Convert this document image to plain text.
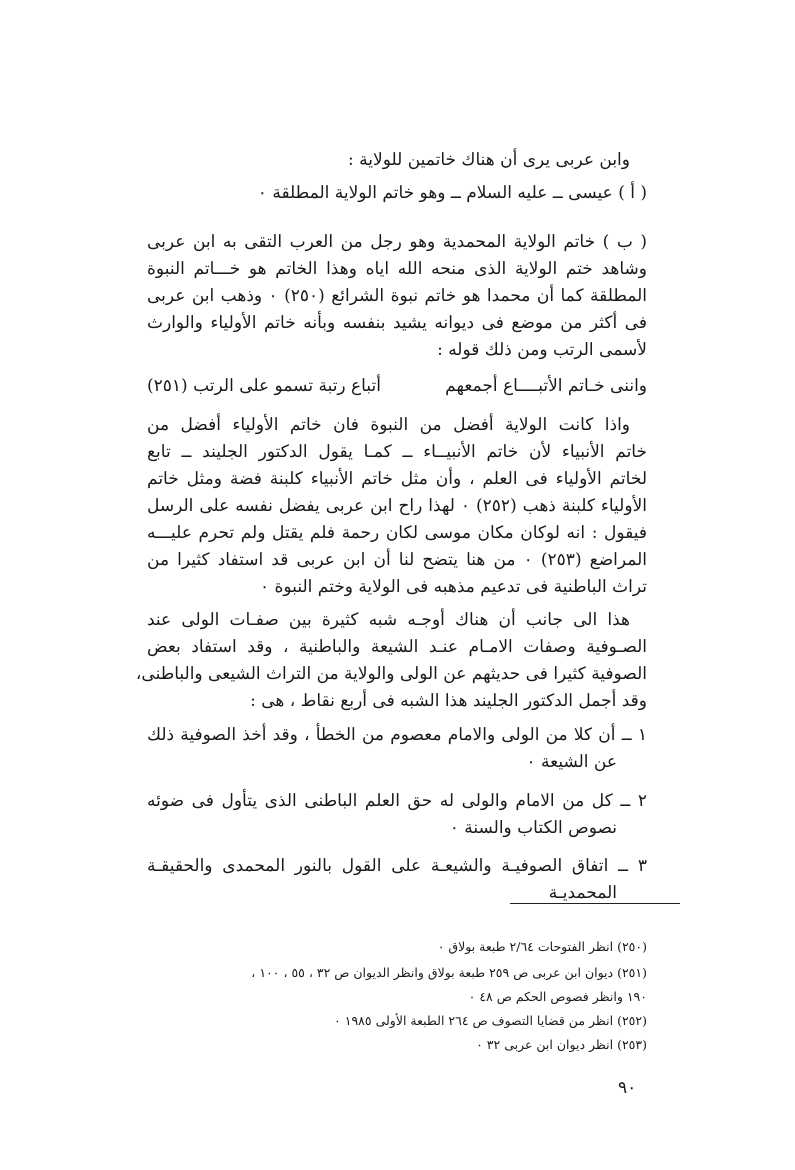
وابن عربى يرى أن هناك خاتمين للولاية :
( أ ) عيسى ــ عليه السلام ــ وهو خاتم الولاية المطلقة ٠
( ب ) خاتم الولاية المحمدية وهو رجل من العرب التقى به ابن عربى
وشاهد ختم الولاية الذى منحه الله اياه وهذا الخاتم هو خـــاتم النبوة
المطلقة كما أن محمدا هو خاتم نبوة الشرائع (٢٥٠) ٠ وذهب ابن عربى
فى أكثر من موضع فى ديوانه يشيد بنفسه وبأنه خاتم الأولياء والوارث
لأسمى الرتب ومن ذلك قوله :
واننى خـاتم الأتبــــاع أجمعهم
أتباع رتبة تسمو على الرتب (٢٥١)
واذا كانت الولاية أفضل من النبوة فان خاتم الأولياء أفضل من
خاتم الأنبياء لأن خاتم الأنبيــاء ــ كمـا يقول الدكتور الجليند ــ تابع
لخاتم الأولياء فى العلم ، وأن مثل خاتم الأنبياء كلبنة فضة ومثل خاتم
الأولياء كلبنة ذهب (٢٥٢) ٠ لهذا راح ابن عربى يفضل نفسه على الرسل
فيقول : انه لوكان مكان موسى لكان رحمة فلم يقتل ولم تحرم عليـــه
المراضع (٢٥٣) ٠ من هنا يتضح لنا أن ابن عربى قد استفاد كثيرا من
تراث الباطنية فى تدعيم مذهبه فى الولاية وختم النبوة ٠
هذا الى جانب أن هناك أوجـه شبه كثيرة بين صفـات الولى عند
الصـوفية وصفات الامـام عنـد الشيعة والباطنية ، وقد استفاد بعض
الصوفية كثيرا فى حديثهم عن الولى والولاية من التراث الشيعى والباطنى،
وقد أجمل الدكتور الجليند هذا الشبه فى أربع نقاط ، هى :
١ ــ أن كلا من الولى والامام معصوم من الخطأ ، وقد أخذ الصوفية ذلك
عن الشيعة ٠
٢ ــ كل من الامام والولى له حق العلم الباطنى الذى يتأول فى ضوئه
نصوص الكتاب والسنة ٠
٣ ــ اتفاق الصوفيـة والشيعـة على القول بالنور المحمدى والحقيقـة
المحمديـة
(٢٥٠) انظر الفتوحات ٢/٦٤ طبعة بولاق ٠
(٢٥١) ديوان ابن عربى ص ٢٥٩ طبعة بولاق وانظر الديوان ص ٣٢ ، ٥٥ ، ١٠٠ ،
١٩٠ وانظر فصوص الحكم ص ٤٨ ٠
(٢٥٢) انظر من قضايا التصوف ص ٢٦٤ الطبعة الأولى ١٩٨٥ ٠
(٢٥٣) انظر ديوان ابن عربى ٣٢ ٠
٩٠
